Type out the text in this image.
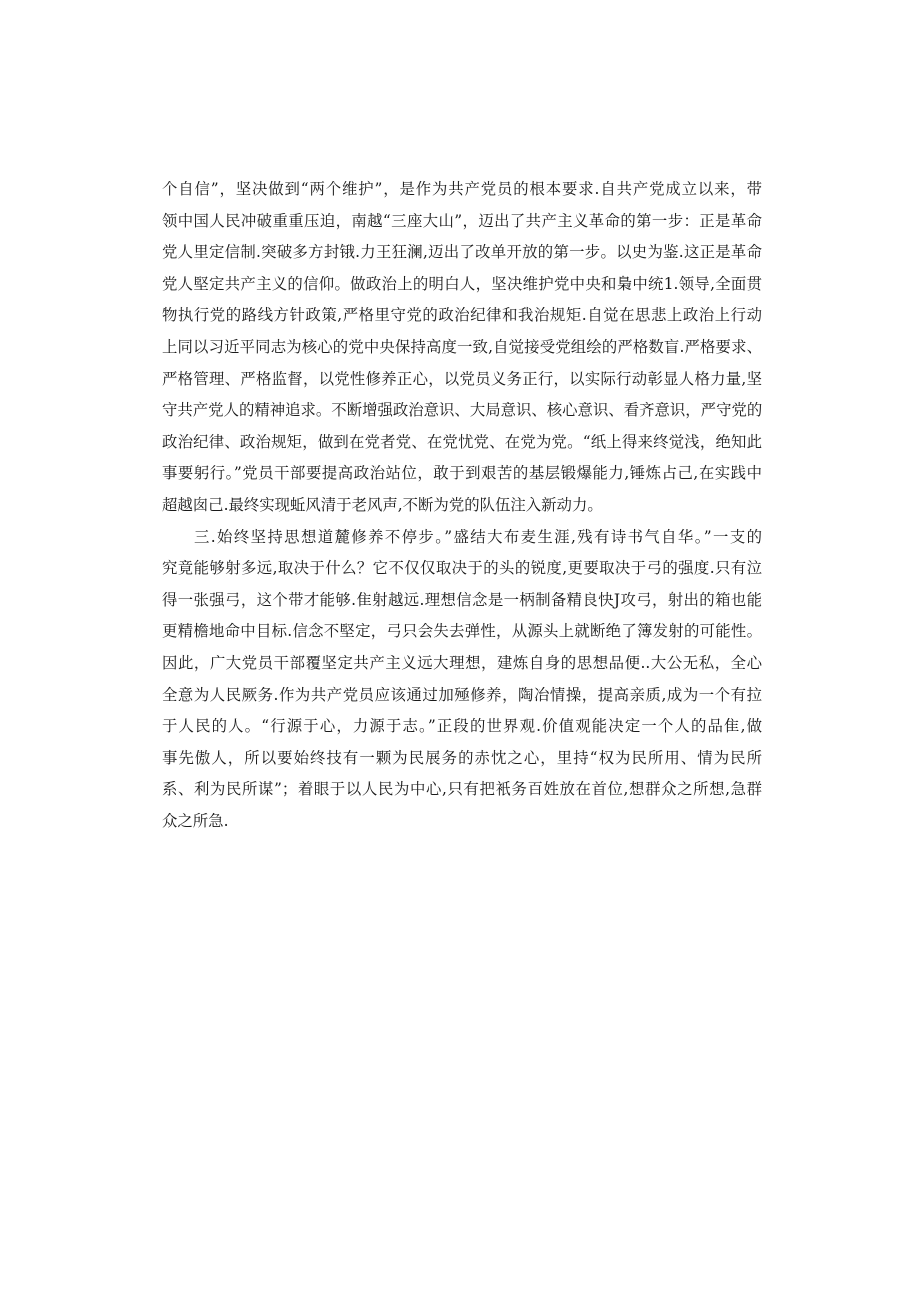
个自信”，坚决做到“两个维护”，是作为共产党员的根本要求.自共产党成立以来，带
领中国人民冲破重重压迫，南越“三座大山”，迈出了共产主义革命的第一步：正是革命
党人里定信制.突破多方封锇.力王狂澜,迈出了改单开放的第一步。以史为鉴.这正是革命
党人堅定共产主义的信仰。做政治上的明白人，坚决维护党中央和梟中统1.领导,全面贯
物执行党的路线方针政策,严格里守党的政治纪律和我治规矩.自觉在思悲上政治上行动
上同以习近平同志为核心的党中央保持高度一致,自觉接受党组绘的严格数盲.严格要求、
严格管理、严格监督，以党性修养正心，以党员义务正行，以实际行动彰显人格力量,坚
守共产党人的精神追求。不断增强政治意识、大局意识、核心意识、看齐意识，严守党的
政治纪律、政治规矩，做到在党者党、在党忧党、在党为党。“纸上得来终觉浅，绝知此
事要躬行。”党员干部要提高政治站位，敢于到艰苦的基层锻爆能力,锤炼占己,在实践中
超越囱己.最终实现蚯风清于老风声,不断为党的队伍注入新动力。
三.始终坚持思想道麓修养不停步。”盛结大布麦生涯,残有诗书气自华。”一支的
究竟能够射多远,取决于什么？它不仅仅取决于的头的锐度,更要取决于弓的强度.只有泣
得一张强弓，这个带才能够.隹射越远.理想信念是一柄制备精良快J攻弓，射出的箱也能
更精檐地命中目标.信念不堅定，弓只会失去弹性，从源头上就断绝了簿发射的可能性。
因此，广大党员干部覆坚定共产主义远大理想，建炼自身的思想品便..大公无私，全心
全意为人民厥务.作为共产党员应该通过加殛修养，陶冶情操，提高亲质,成为一个有拉
于人民的人。“行源于心，力源于志。”正段的世界观.价值观能决定一个人的品隹,做
事先傲人，所以要始终技有一颗为民展务的赤忱之心，里持“权为民所用、情为民所
系、利为民所谋”；着眼于以人民为中心,只有把衹务百姓放在首位,想群众之所想,急群
众之所急.
